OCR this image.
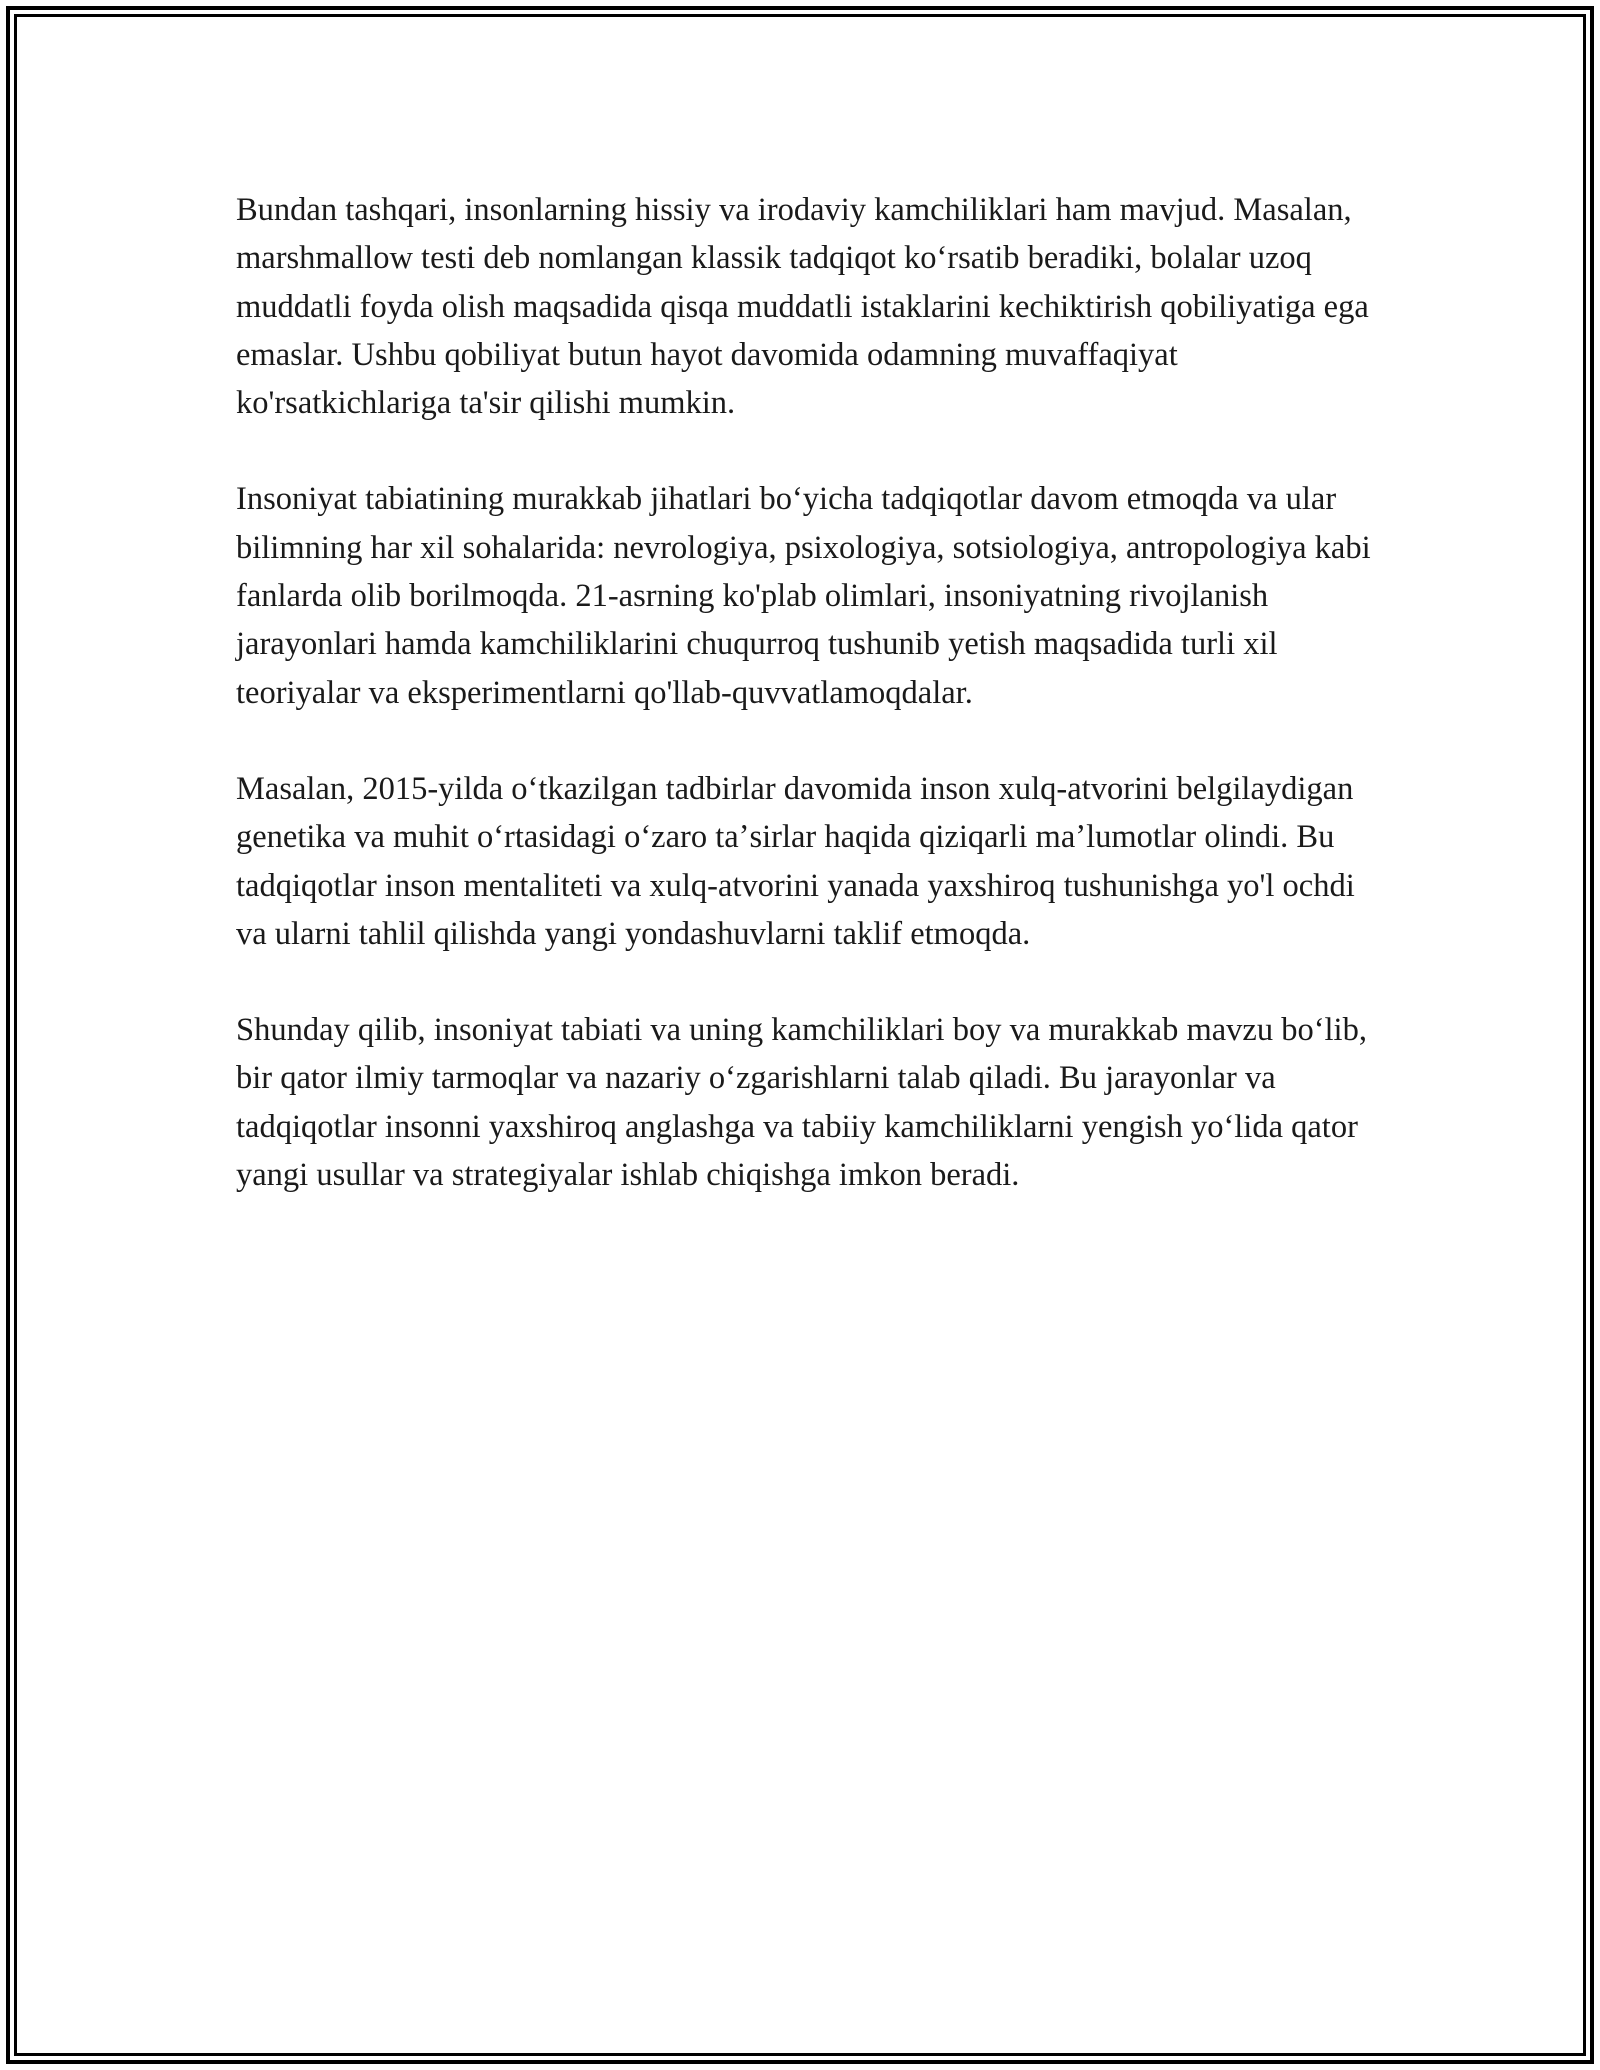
Bundan tashqari, insonlarning hissiy va irodaviy kamchiliklari ham mavjud. Masalan, marshmallow testi deb nomlangan klassik tadqiqot koʻrsatib beradiki, bolalar uzoq muddatli foyda olish maqsadida qisqa muddatli istaklarini kechiktirish qobiliyatiga ega emaslar. Ushbu qobiliyat butun hayot davomida odamning muvaffaqiyat ko'rsatkichlariga ta'sir qilishi mumkin.

Insoniyat tabiatining murakkab jihatlari boʻyicha tadqiqotlar davom etmoqda va ular bilimning har xil sohalarida: nevrologiya, psixologiya, sotsiologiya, antropologiya kabi fanlarda olib borilmoqda. 21-asrning ko'plab olimlari, insoniyatning rivojlanish jarayonlari hamda kamchiliklarini chuqurroq tushunib yetish maqsadida turli xil teoriyalar va eksperimentlarni qo'llab-quvvatlamoqdalar.

Masalan, 2015-yilda oʻtkazilgan tadbirlar davomida inson xulq-atvorini belgilaydigan genetika va muhit oʻrtasidagi oʻzaro taʼsirlar haqida qiziqarli maʼlumotlar olindi. Bu tadqiqotlar inson mentaliteti va xulq-atvorini yanada yaxshiroq tushunishga yo'l ochdi va ularni tahlil qilishda yangi yondashuvlarni taklif etmoqda.

Shunday qilib, insoniyat tabiati va uning kamchiliklari boy va murakkab mavzu boʻlib, bir qator ilmiy tarmoqlar va nazariy oʻzgarishlarni talab qiladi. Bu jarayonlar va tadqiqotlar insonni yaxshiroq anglashga va tabiiy kamchiliklarni yengish yoʻlida qator yangi usullar va strategiyalar ishlab chiqishga imkon beradi.
